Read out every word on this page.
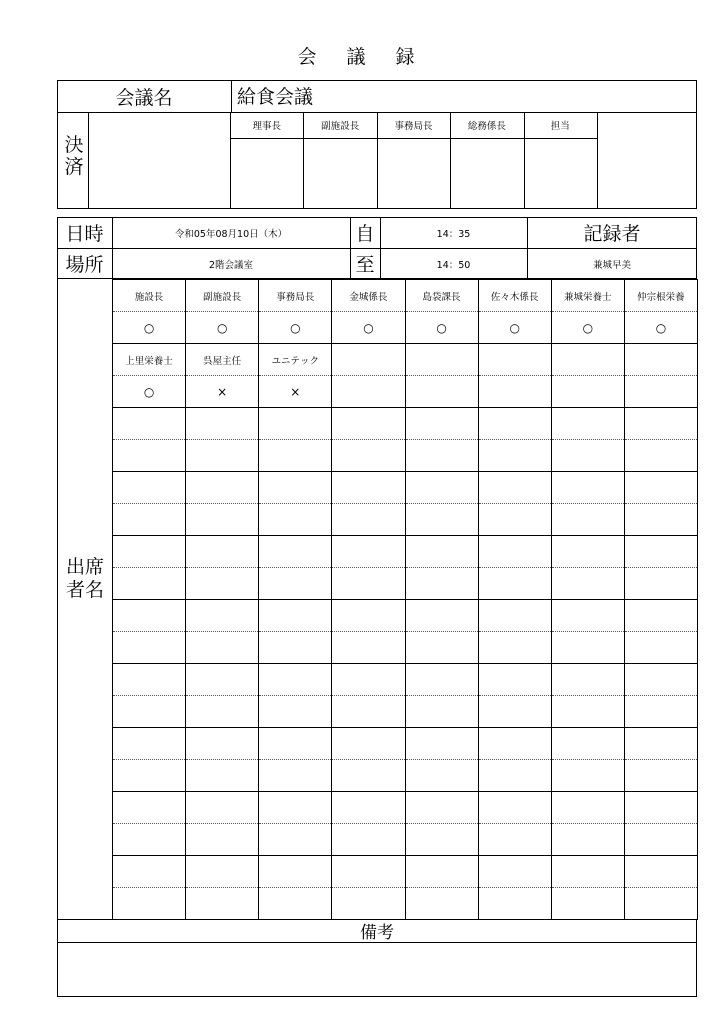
会 議 録
会議名	給食会議
決済
理事長	副施設長	事務局長	総務係長	担当
日時	令和05年08月10日（木）	自	14：35	記録者
場所	2階会議室	至	14：50	兼城早美
出席者名
施設長	副施設長	事務局長	金城係長	島袋課長	佐々木係長	兼城栄養士	仲宗根栄養
○	○	○	○	○	○	○	○
上里栄養士	呉屋主任	ユニテック					
○	×	×					

備考
